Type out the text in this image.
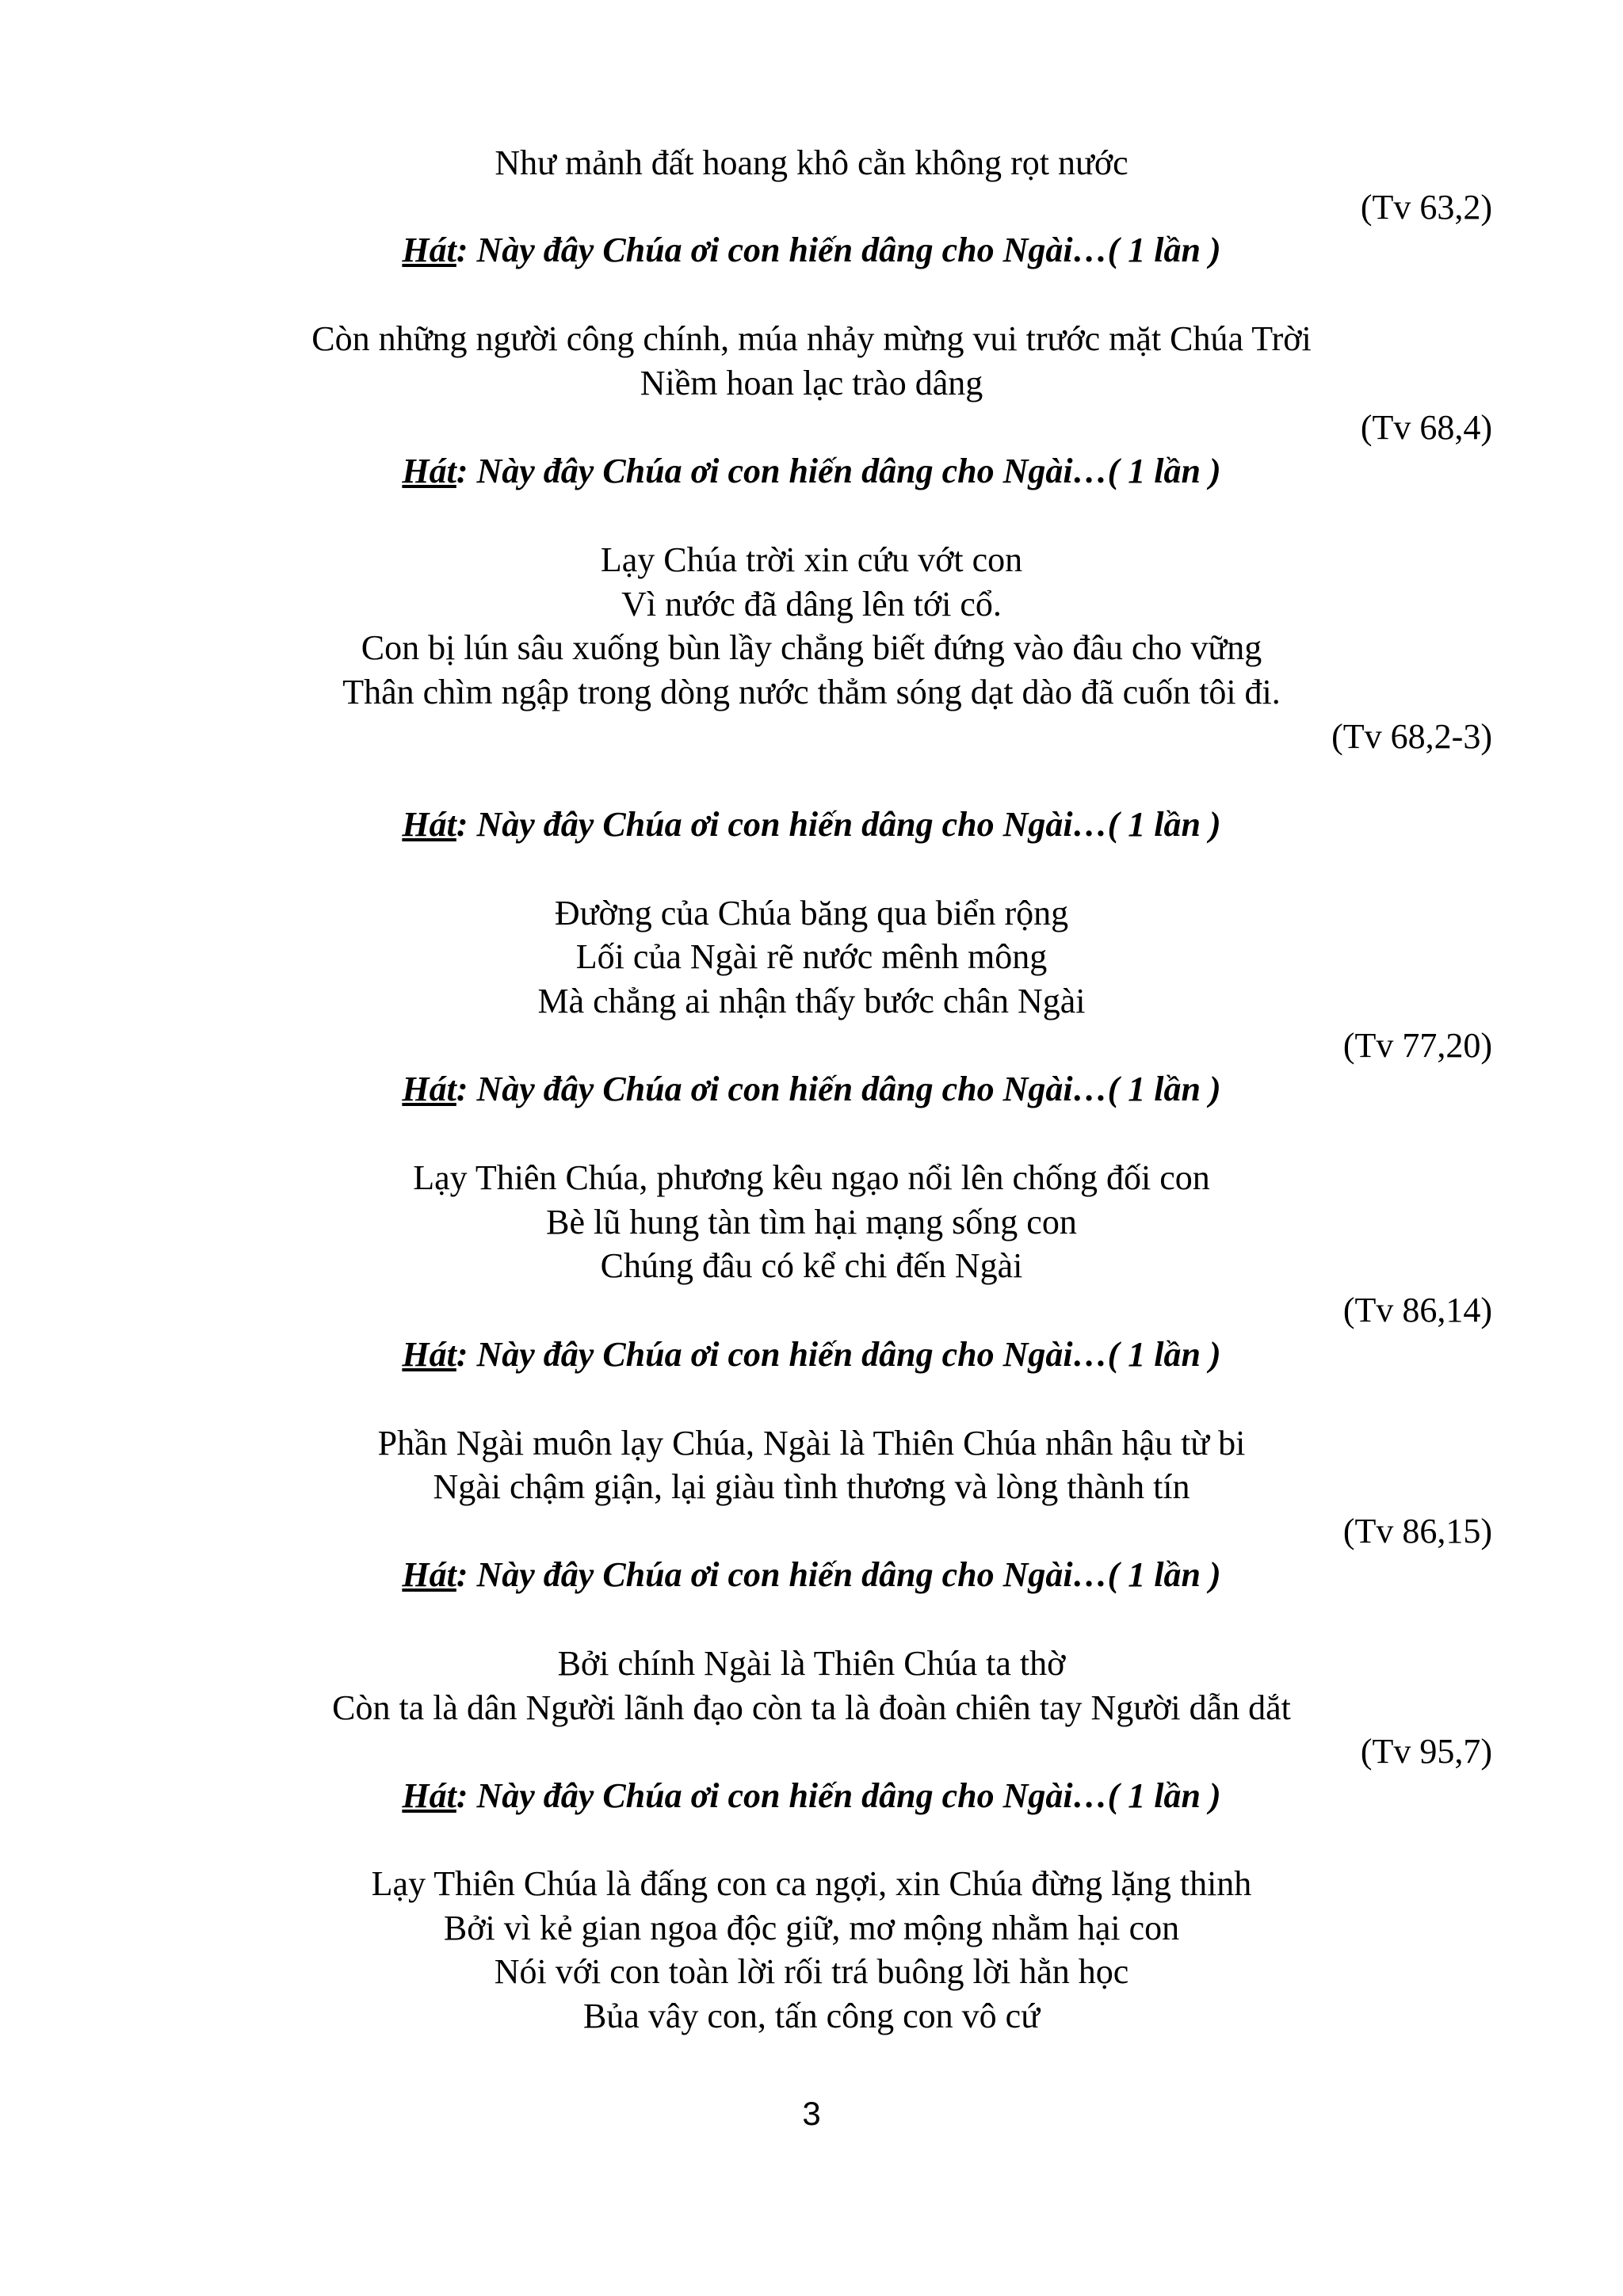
Như mảnh đất hoang khô cằn không rọt nước
(Tv 63,2)
Hát: Này đây Chúa ơi con hiến dâng cho Ngài…( 1 lần )
Còn những người công chính, múa nhảy mừng vui trước mặt Chúa Trời
Niềm hoan lạc trào dâng
(Tv 68,4)
Hát: Này đây Chúa ơi con hiến dâng cho Ngài…( 1 lần )
Lạy Chúa trời xin cứu vớt con
Vì nước đã dâng lên tới cổ.
Con bị lún sâu xuống bùn lầy chẳng biết đứng vào đâu cho vững
Thân chìm ngập trong dòng nước thẳm sóng dạt dào đã cuốn tôi đi.
(Tv 68,2-3)
Hát: Này đây Chúa ơi con hiến dâng cho Ngài…( 1 lần )
Đường của Chúa băng qua biển rộng
Lối của Ngài rẽ nước mênh mông
Mà chẳng ai nhận thấy bước chân Ngài
(Tv 77,20)
Hát: Này đây Chúa ơi con hiến dâng cho Ngài…( 1 lần )
Lạy Thiên Chúa, phương kêu ngạo nổi lên chống đối con
Bè lũ hung tàn tìm hại mạng sống con
Chúng đâu có kể chi đến Ngài
(Tv 86,14)
Hát: Này đây Chúa ơi con hiến dâng cho Ngài…( 1 lần )
Phần Ngài muôn lạy Chúa, Ngài là Thiên Chúa nhân hậu từ bi
Ngài chậm giận, lại giàu tình thương và lòng thành tín
(Tv 86,15)
Hát: Này đây Chúa ơi con hiến dâng cho Ngài…( 1 lần )
Bởi chính Ngài là Thiên Chúa ta thờ
Còn ta là dân Người lãnh đạo còn ta là đoàn chiên tay Người dẫn dắt
(Tv 95,7)
Hát: Này đây Chúa ơi con hiến dâng cho Ngài…( 1 lần )
Lạy Thiên Chúa là đấng con ca ngợi, xin Chúa đừng lặng thinh
Bởi vì kẻ gian ngoa độc giữ, mơ mộng nhằm hại con
Nói với con toàn lời rối trá buông lời hằn học
Bủa vây con, tấn công con vô cứ
3
